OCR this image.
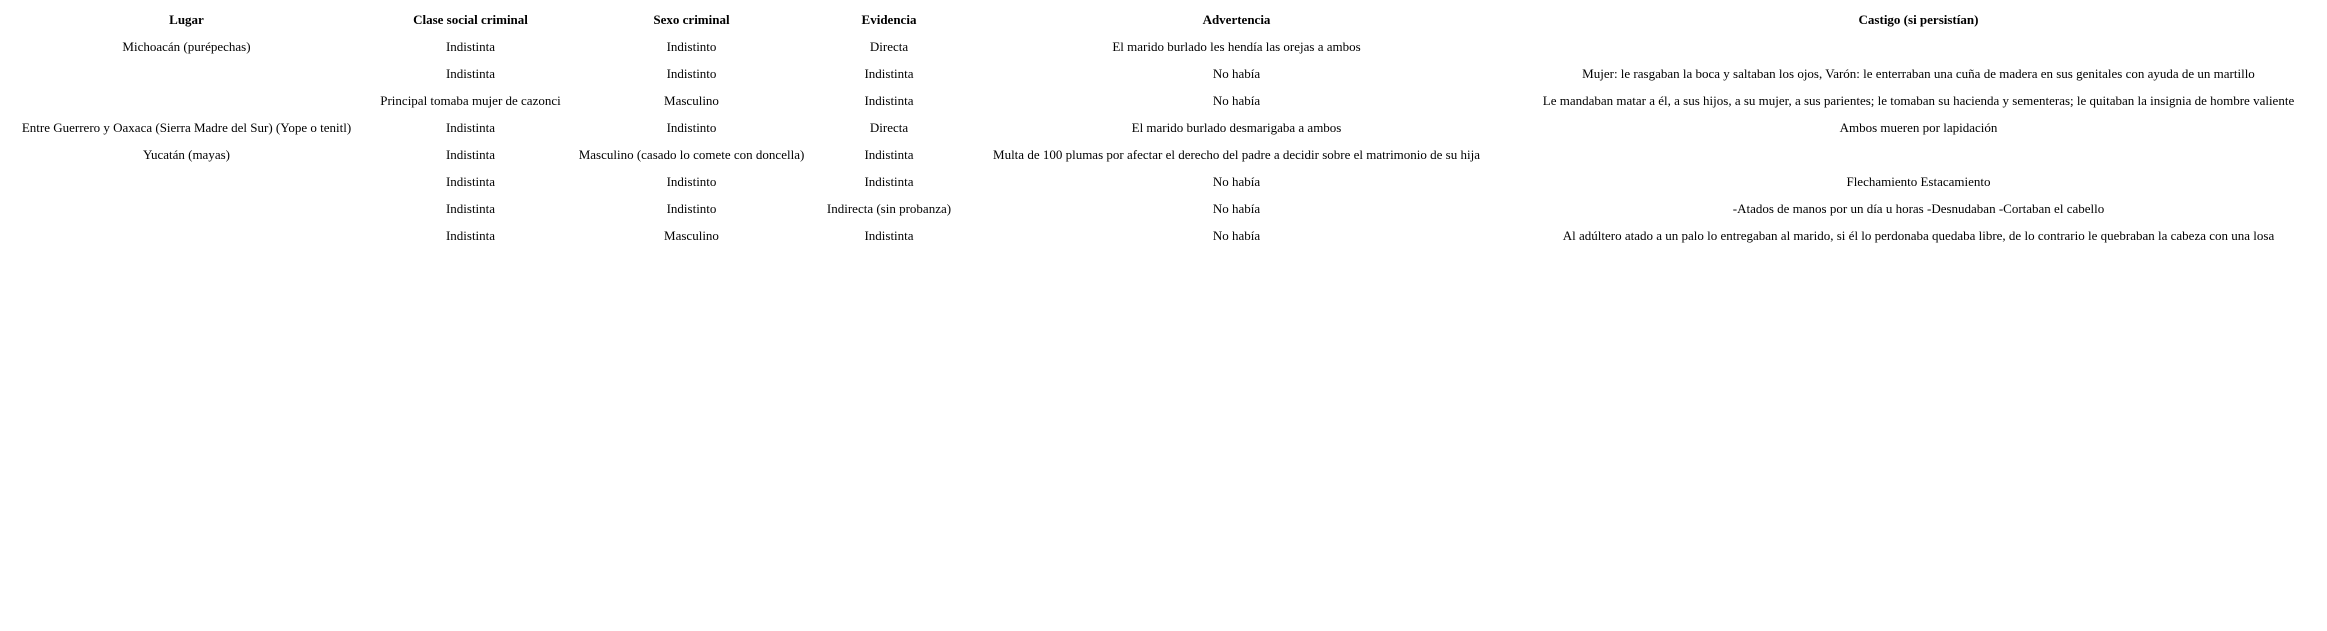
Lugar	Clase social criminal	Sexo criminal	Evidencia	Advertencia	Castigo (si persistían)
Michoacán (purépechas)	Indistinta	Indistinto	Directa	El marido burlado les hendía las orejas a ambos	
	Indistinta	Indistinto	Indistinta	No había	Mujer: le rasgaban la boca y saltaban los ojos, Varón: le enterraban una cuña de madera en sus genitales con ayuda de un martillo
	Principal tomaba mujer de cazonci	Masculino	Indistinta	No había	Le mandaban matar a él, a sus hijos, a su mujer, a sus parientes; le tomaban su hacienda y sementeras; le quitaban la insignia de hombre valiente
Entre Guerrero y Oaxaca (Sierra Madre del Sur) (Yope o tenitl)	Indistinta	Indistinto	Directa	El marido burlado desmarigaba a ambos	Ambos mueren por lapidación
Yucatán (mayas)	Indistinta	Masculino (casado lo comete con doncella)	Indistinta	Multa de 100 plumas por afectar el derecho del padre a decidir sobre el matrimonio de su hija	
	Indistinta	Indistinto	Indistinta	No había	Flechamiento Estacamiento
	Indistinta	Indistinto	Indirecta (sin probanza)	No había	-Atados de manos por un día u horas -Desnudaban -Cortaban el cabello
	Indistinta	Masculino	Indistinta	No había	Al adúltero atado a un palo lo entregaban al marido, si él lo perdonaba quedaba libre, de lo contrario le quebraban la cabeza con una losa
